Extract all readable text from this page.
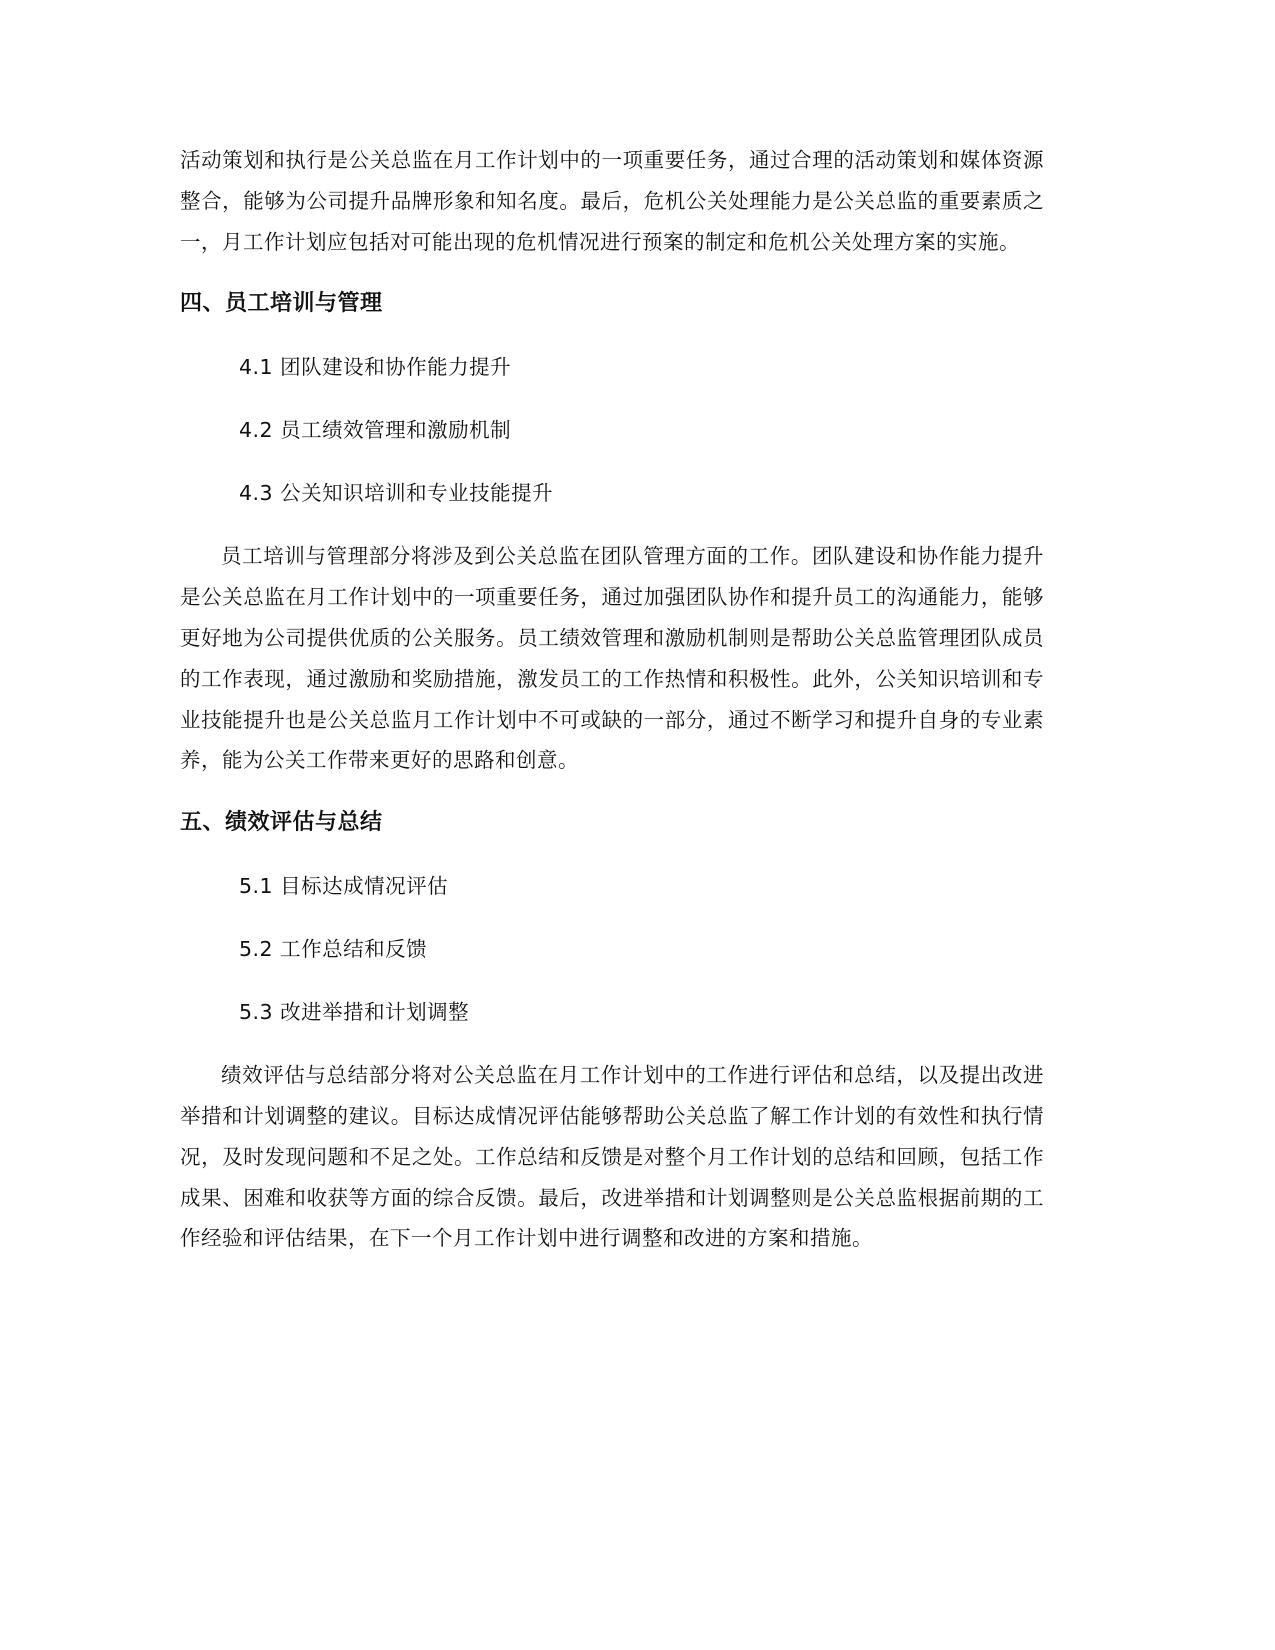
活动策划和执行是公关总监在月工作计划中的一项重要任务，通过合理的活动策划和媒体资源整合，能够为公司提升品牌形象和知名度。最后，危机公关处理能力是公关总监的重要素质之一，月工作计划应包括对可能出现的危机情况进行预案的制定和危机公关处理方案的实施。

四、员工培训与管理

4.1 团队建设和协作能力提升

4.2 员工绩效管理和激励机制

4.3 公关知识培训和专业技能提升

员工培训与管理部分将涉及到公关总监在团队管理方面的工作。团队建设和协作能力提升是公关总监在月工作计划中的一项重要任务，通过加强团队协作和提升员工的沟通能力，能够更好地为公司提供优质的公关服务。员工绩效管理和激励机制则是帮助公关总监管理团队成员的工作表现，通过激励和奖励措施，激发员工的工作热情和积极性。此外，公关知识培训和专业技能提升也是公关总监月工作计划中不可或缺的一部分，通过不断学习和提升自身的专业素养，能为公关工作带来更好的思路和创意。

五、绩效评估与总结

5.1 目标达成情况评估

5.2 工作总结和反馈

5.3 改进举措和计划调整

绩效评估与总结部分将对公关总监在月工作计划中的工作进行评估和总结，以及提出改进举措和计划调整的建议。目标达成情况评估能够帮助公关总监了解工作计划的有效性和执行情况，及时发现问题和不足之处。工作总结和反馈是对整个月工作计划的总结和回顾，包括工作成果、困难和收获等方面的综合反馈。最后，改进举措和计划调整则是公关总监根据前期的工作经验和评估结果，在下一个月工作计划中进行调整和改进的方案和措施。
